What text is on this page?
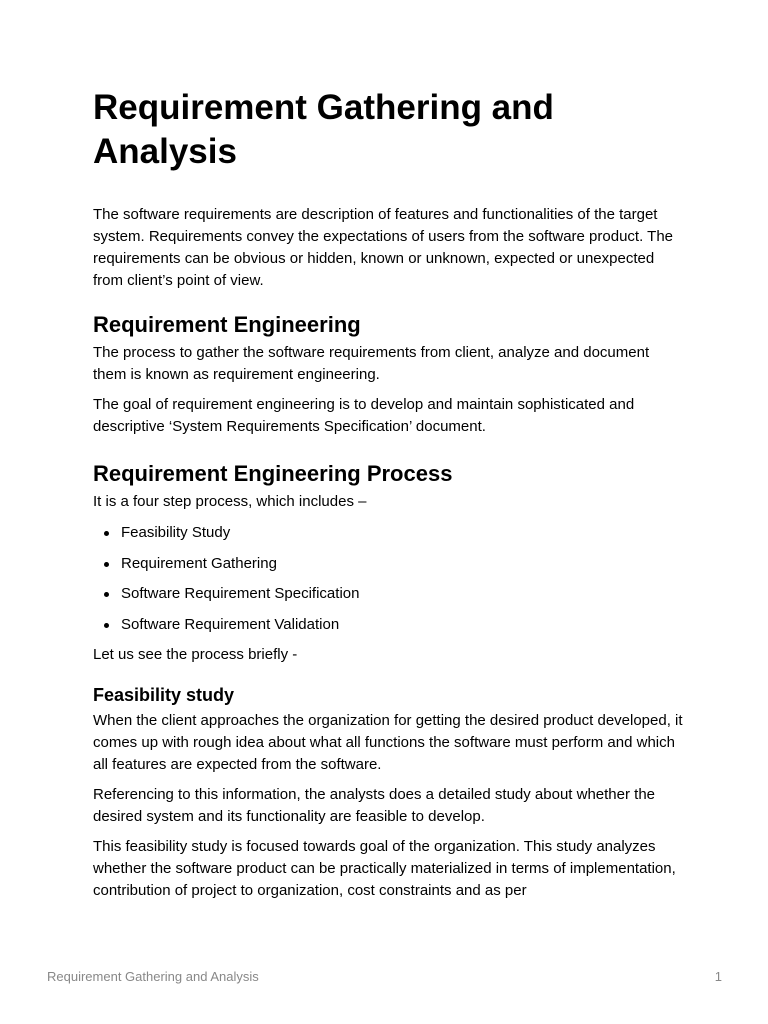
Requirement Gathering and Analysis

The software requirements are description of features and functionalities of the target system. Requirements convey the expectations of users from the software product. The requirements can be obvious or hidden, known or unknown, expected or unexpected from client’s point of view.

Requirement Engineering

The process to gather the software requirements from client, analyze and document them is known as requirement engineering.

The goal of requirement engineering is to develop and maintain sophisticated and descriptive ‘System Requirements Specification’ document.

Requirement Engineering Process

It is a four step process, which includes –

Feasibility Study
Requirement Gathering
Software Requirement Specification
Software Requirement Validation

Let us see the process briefly -

Feasibility study

When the client approaches the organization for getting the desired product developed, it comes up with rough idea about what all functions the software must perform and which all features are expected from the software.

Referencing to this information, the analysts does a detailed study about whether the desired system and its functionality are feasible to develop.

This feasibility study is focused towards goal of the organization. This study analyzes whether the software product can be practically materialized in terms of implementation, contribution of project to organization, cost constraints and as per

Requirement Gathering and Analysis	1
